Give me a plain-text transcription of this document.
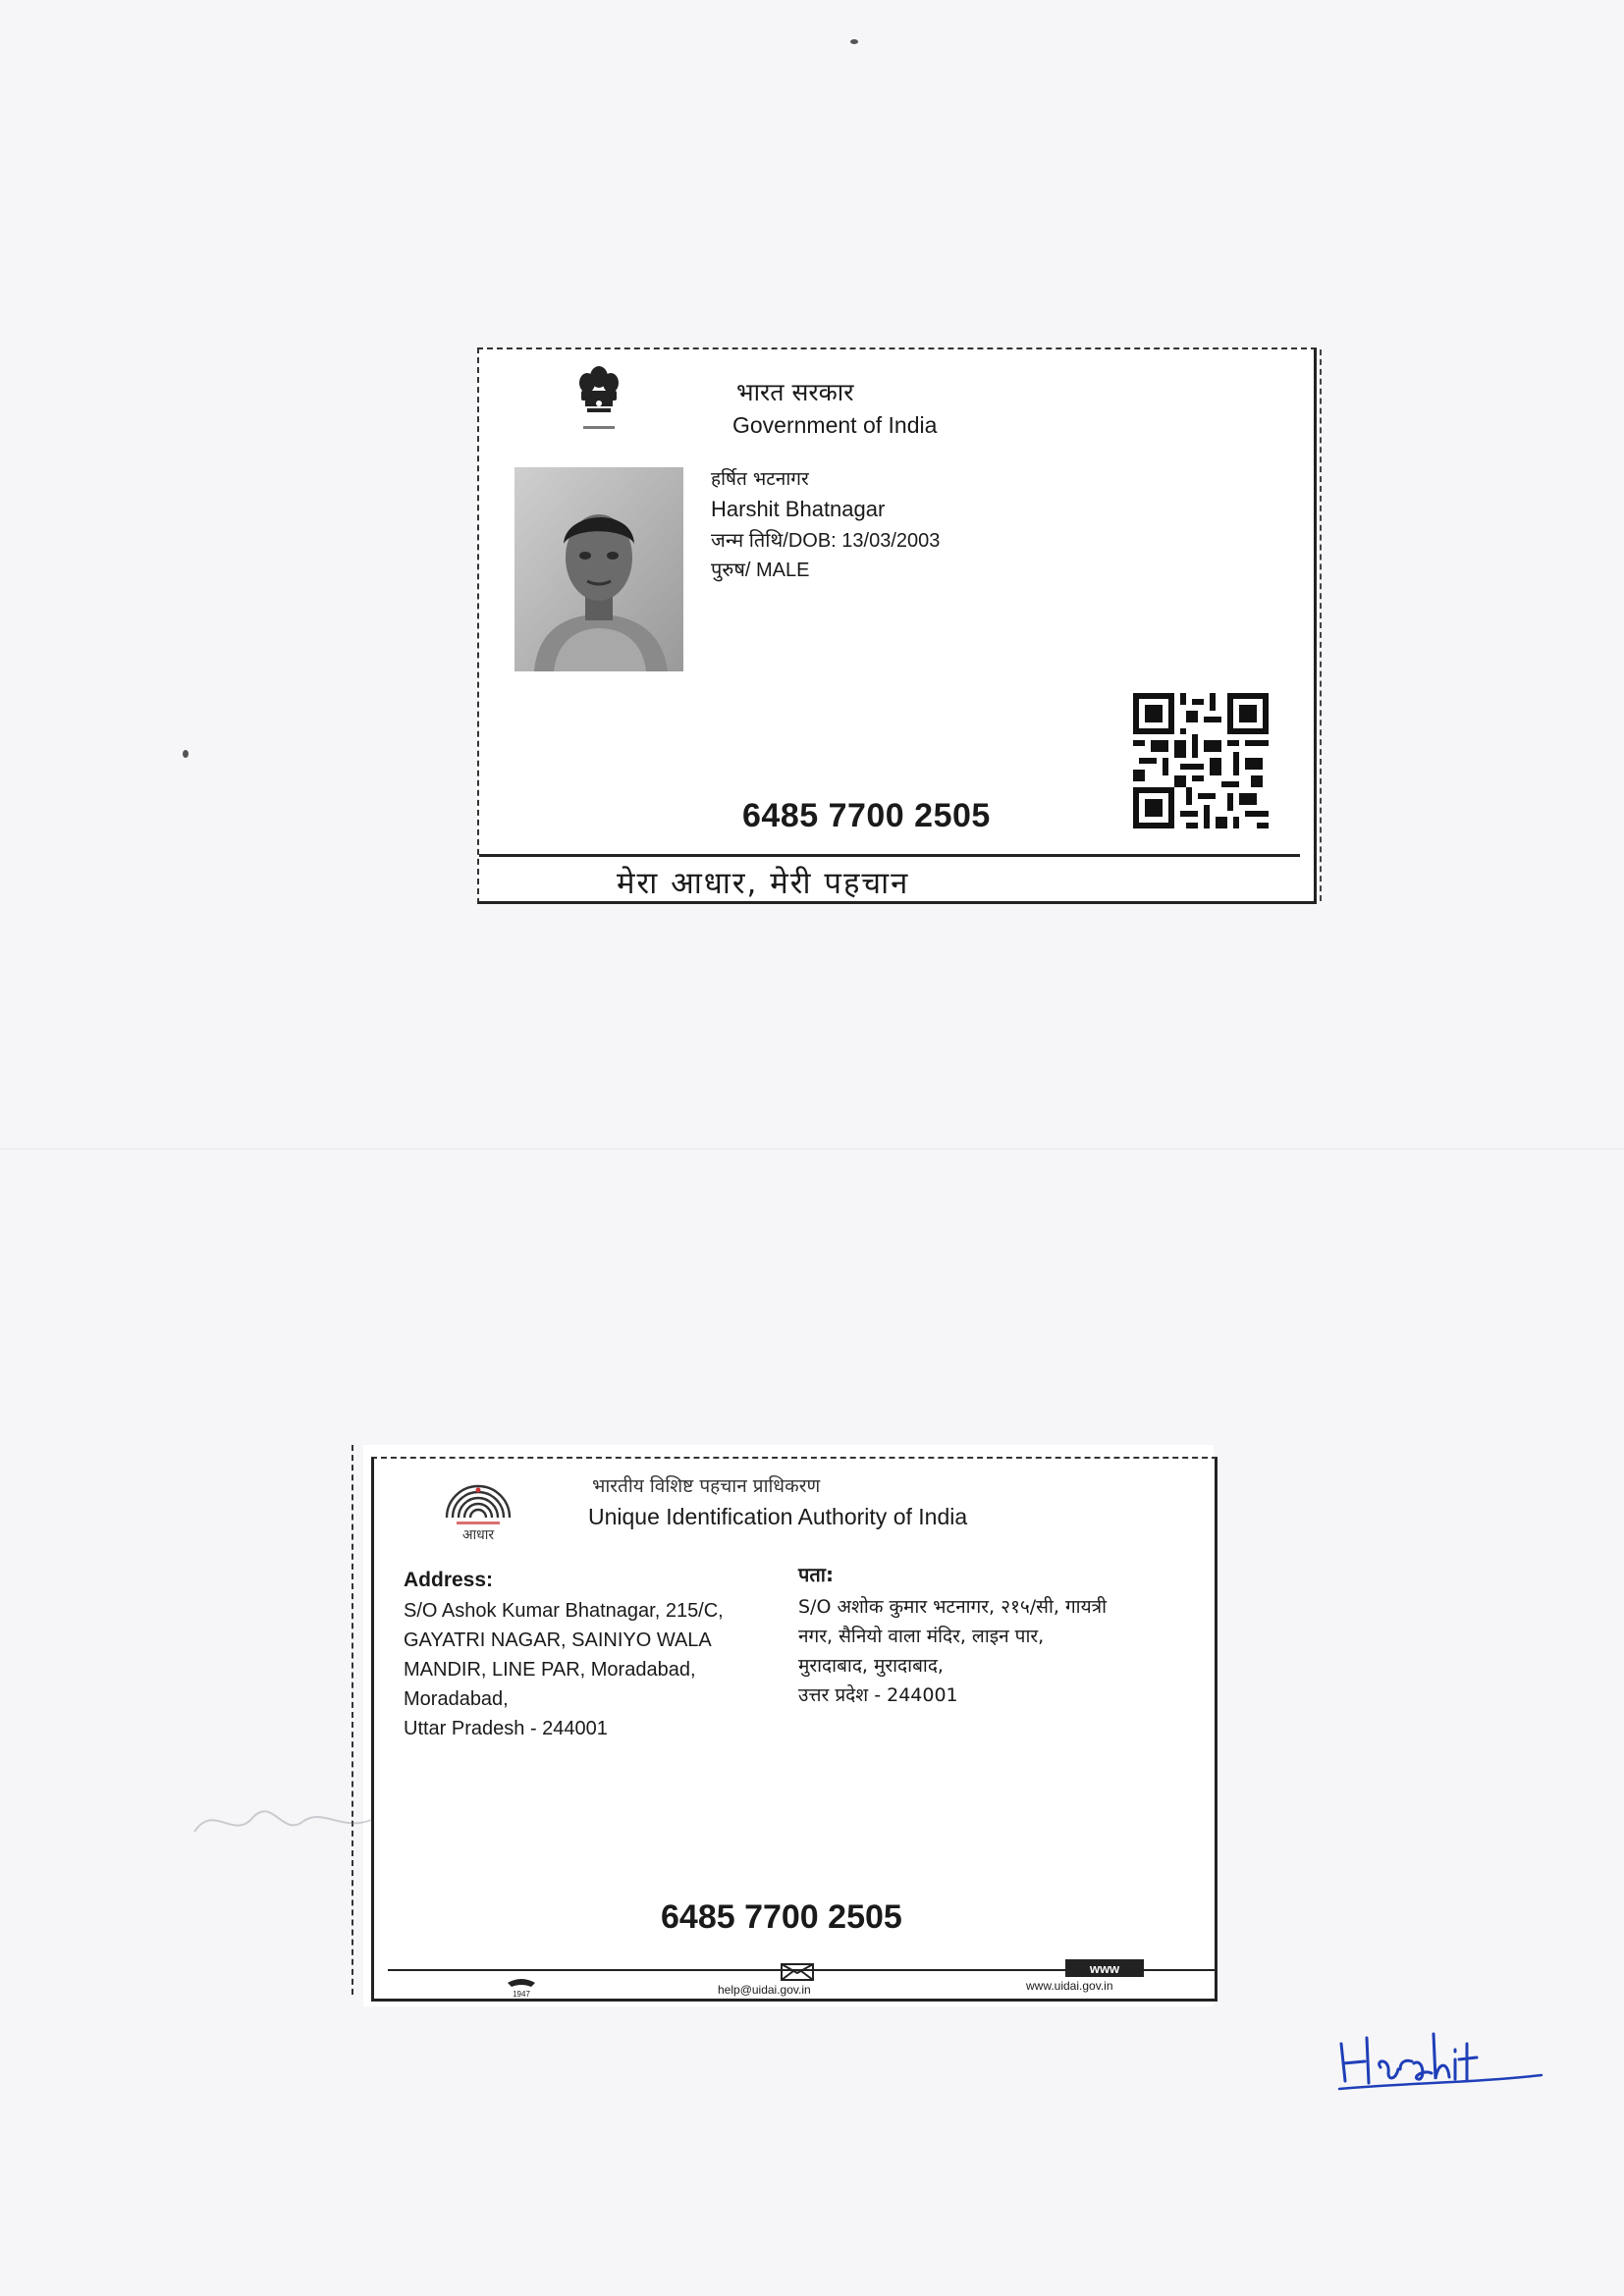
भारत सरकार
Government of India
हर्षित भटनागर
Harshit Bhatnagar
जन्म तिथि/DOB: 13/03/2003
पुरुष/ MALE
6485 7700 2505
मेरा आधार, मेरी पहचान
आधार
भारतीय विशिष्ट पहचान प्राधिकरण
Unique Identification Authority of India
Address:
S/O Ashok Kumar Bhatnagar, 215/C,
GAYATRI NAGAR, SAINIYO WALA
MANDIR, LINE PAR, Moradabad,
Moradabad,
Uttar Pradesh - 244001
पता:
S/O अशोक कुमार भटनागर, २१५/सी, गायत्री
नगर, सैनियो वाला मंदिर, लाइन पार,
मुरादाबाद, मुरादाबाद,
उत्तर प्रदेश - 244001
6485 7700 2505
1947	help@uidai.gov.in
www
www.uidai.gov.in
